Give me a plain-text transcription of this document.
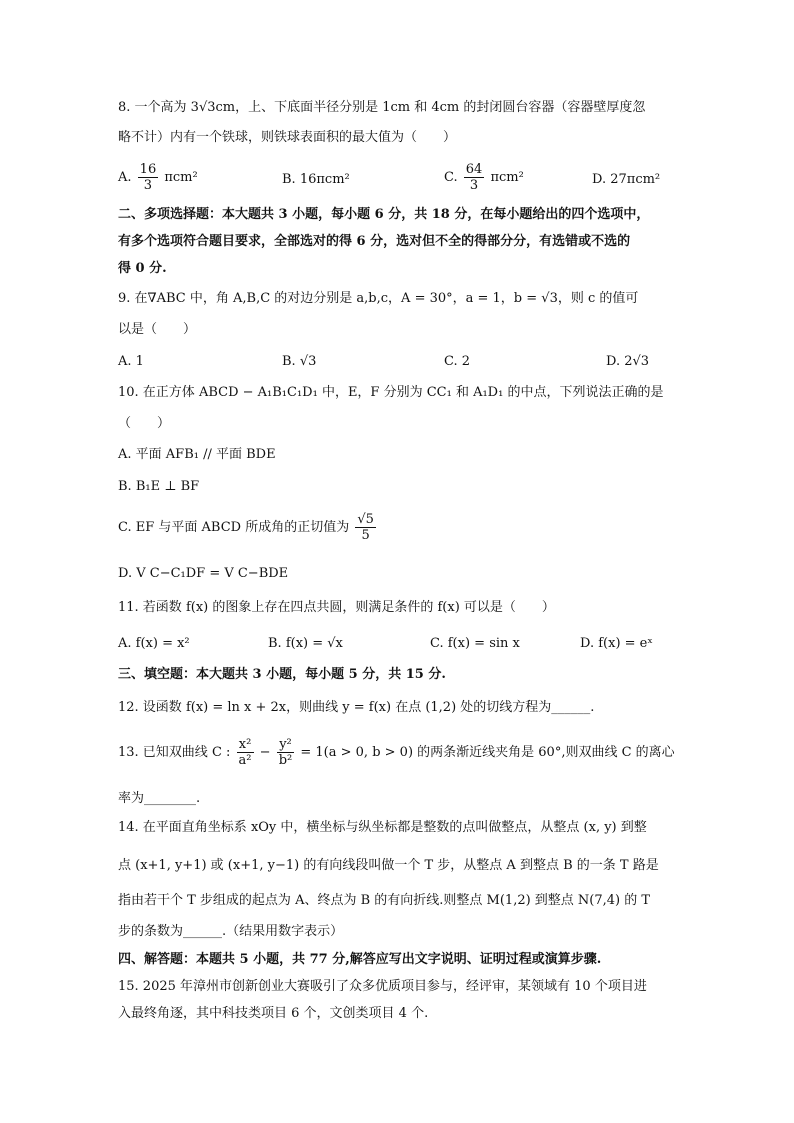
8. 一个高为 3√3cm，上、下底面半径分别是 1cm 和 4cm 的封闭圆台容器（容器壁厚度忽
略不计）内有一个铁球，则铁球表面积的最大值为（　　）
A. $\frac{16}{3} \pi cm^2$	B. 16πcm²	C. $\frac{64}{3} \pi cm^2$	D. 27πcm²
二、多项选择题：本大题共 3 小题，每小题 6 分，共 18 分，在每小题给出的四个选项中，
有多个选项符合题目要求，全部选对的得 6 分，选对但不全的得部分分，有选错或不选的
得 0 分.
9. 在∇ABC 中，角 A,B,C 的对边分别是 a,b,c，A = 30°，a = 1，b = √3，则 c 的值可
以是（　　）
A. 1	B. √3	C. 2	D. 2√3
10. 在正方体 ABCD − A₁B₁C₁D₁ 中，E，F 分别为 CC₁ 和 A₁D₁ 的中点，下列说法正确的是
（　　）
A. 平面 AFB₁ // 平面 BDE
B. B₁E ⊥ BF
C. EF 与平面 ABCD 所成角的正切值为 $\frac{√5}{5}$
D. V C−C₁DF = V C−BDE
11. 若函数 f(x) 的图象上存在四点共圆，则满足条件的 f(x) 可以是（　　）
A. f(x) = x²	B. f(x) = √x	C. f(x) = sin x	D. f(x) = eˣ
三、填空题：本大题共 3 小题，每小题 5 分，共 15 分.
12. 设函数 f(x) = ln x + 2x，则曲线 y = f(x) 在点 (1,2) 处的切线方程为______.
13. 已知双曲线 C : $\frac{\text{x²}}{\text{a²}} - \frac{\text{y²}}{\text{b²}} = 1(a > 0$, b > 0) 的两条渐近线夹角是 60°,则双曲线 C 的离心
率为________.
14. 在平面直角坐标系 xOy 中，横坐标与纵坐标都是整数的点叫做整点，从整点 (x, y) 到整
点 (x+1, y+1) 或 (x+1, y−1) 的有向线段叫做一个 T 步，从整点 A 到整点 B 的一条 T 路是
指由若干个 T 步组成的起点为 A、终点为 B 的有向折线.则整点 M(1,2) 到整点 N(7,4) 的 T
步的条数为______.（结果用数字表示）
四、解答题：本题共 5 小题，共 77 分,解答应写出文字说明、证明过程或演算步骤.
15. 2025 年漳州市创新创业大赛吸引了众多优质项目参与，经评审，某领域有 10 个项目进
入最终角逐，其中科技类项目 6 个，文创类项目 4 个.
